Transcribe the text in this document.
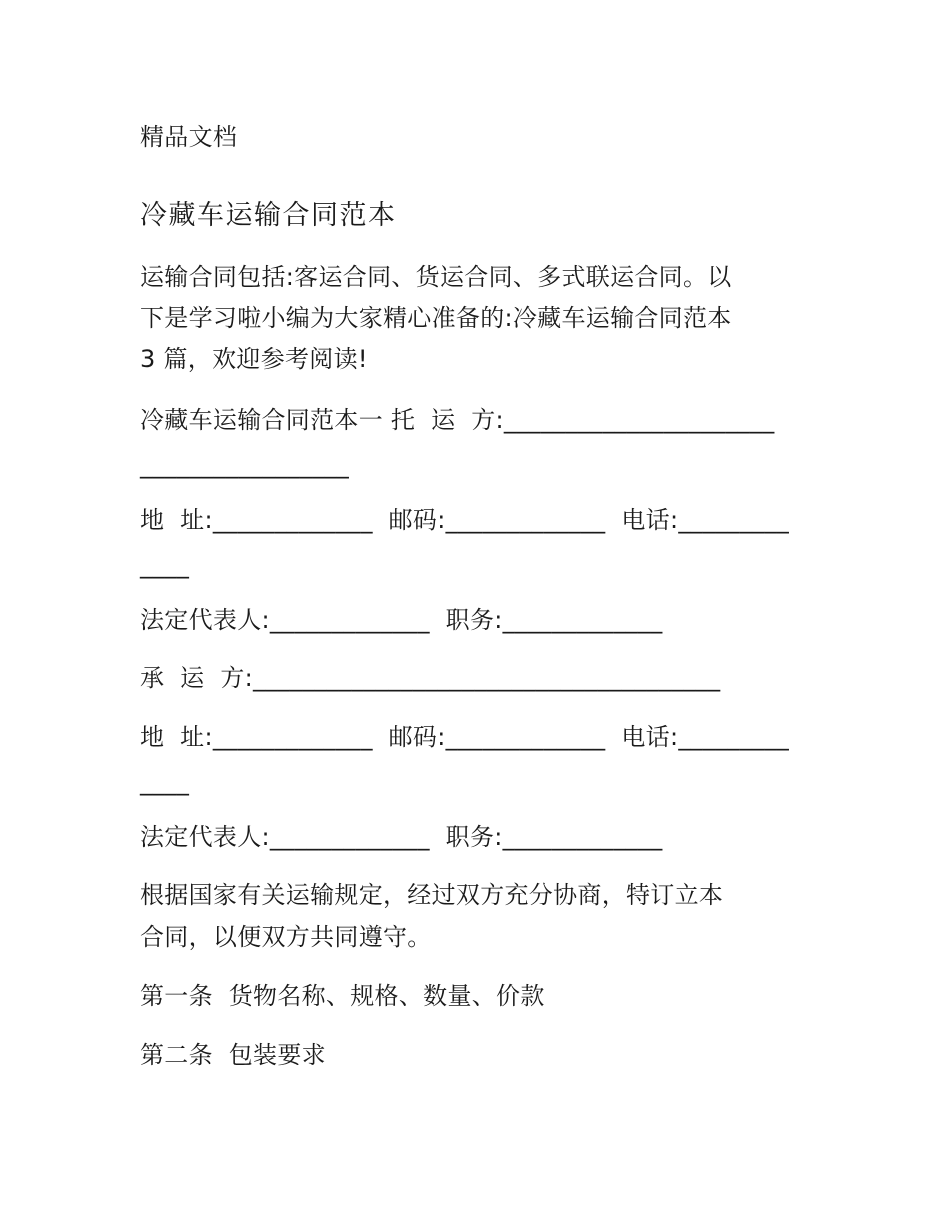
精品文档
冷藏车运输合同范本
运输合同包括:客运合同、货运合同、多式联运合同。以
下是学习啦小编为大家精心准备的:冷藏车运输合同范本
3 篇，欢迎参考阅读!
冷藏车运输合同范本一 托  运  方:______________________
_________________
地  址:_____________  邮码:_____________  电话:_________
____
法定代表人:_____________  职务:_____________
承  运  方:______________________________________
地  址:_____________  邮码:_____________  电话:_________
____
法定代表人:_____________  职务:_____________
根据国家有关运输规定，经过双方充分协商，特订立本
合同，以便双方共同遵守。
第一条  货物名称、规格、数量、价款
第二条  包装要求
